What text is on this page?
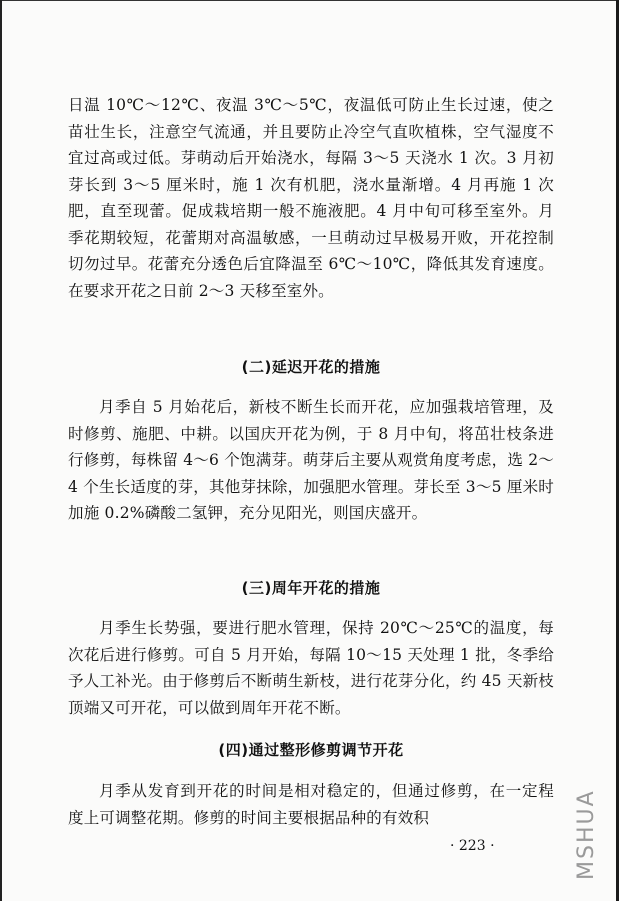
日温 10℃～12℃、夜温 3℃～5℃，夜温低可防止生长过速，使之苗壮生长，注意空气流通，并且要防止冷空气直吹植株，空气湿度不宜过高或过低。芽萌动后开始浇水，每隔 3～5 天浇水 1 次。3 月初芽长到 3～5 厘米时，施 1 次有机肥，浇水量渐增。4 月再施 1 次肥，直至现蕾。促成栽培期一般不施液肥。4 月中旬可移至室外。月季花期较短，花蕾期对高温敏感，一旦萌动过早极易开败，开花控制切勿过早。花蕾充分透色后宜降温至 6℃～10℃，降低其发育速度。在要求开花之日前 2～3 天移至室外。

(二)延迟开花的措施

月季自 5 月始花后，新枝不断生长而开花，应加强栽培管理，及时修剪、施肥、中耕。以国庆开花为例，于 8 月中旬，将茁壮枝条进行修剪，每株留 4～6 个饱满芽。萌芽后主要从观赏角度考虑，选 2～4 个生长适度的芽，其他芽抹除，加强肥水管理。芽长至 3～5 厘米时加施 0.2%磷酸二氢钾，充分见阳光，则国庆盛开。

(三)周年开花的措施

月季生长势强，要进行肥水管理，保持 20℃～25℃的温度，每次花后进行修剪。可自 5 月开始，每隔 10～15 天处理 1 批，冬季给予人工补光。由于修剪后不断萌生新枝，进行花芽分化，约 45 天新枝顶端又可开花，可以做到周年开花不断。

(四)通过整形修剪调节开花

月季从发育到开花的时间是相对稳定的，但通过修剪，在一定程度上可调整花期。修剪的时间主要根据品种的有效积

· 223 ·	MSHUA
